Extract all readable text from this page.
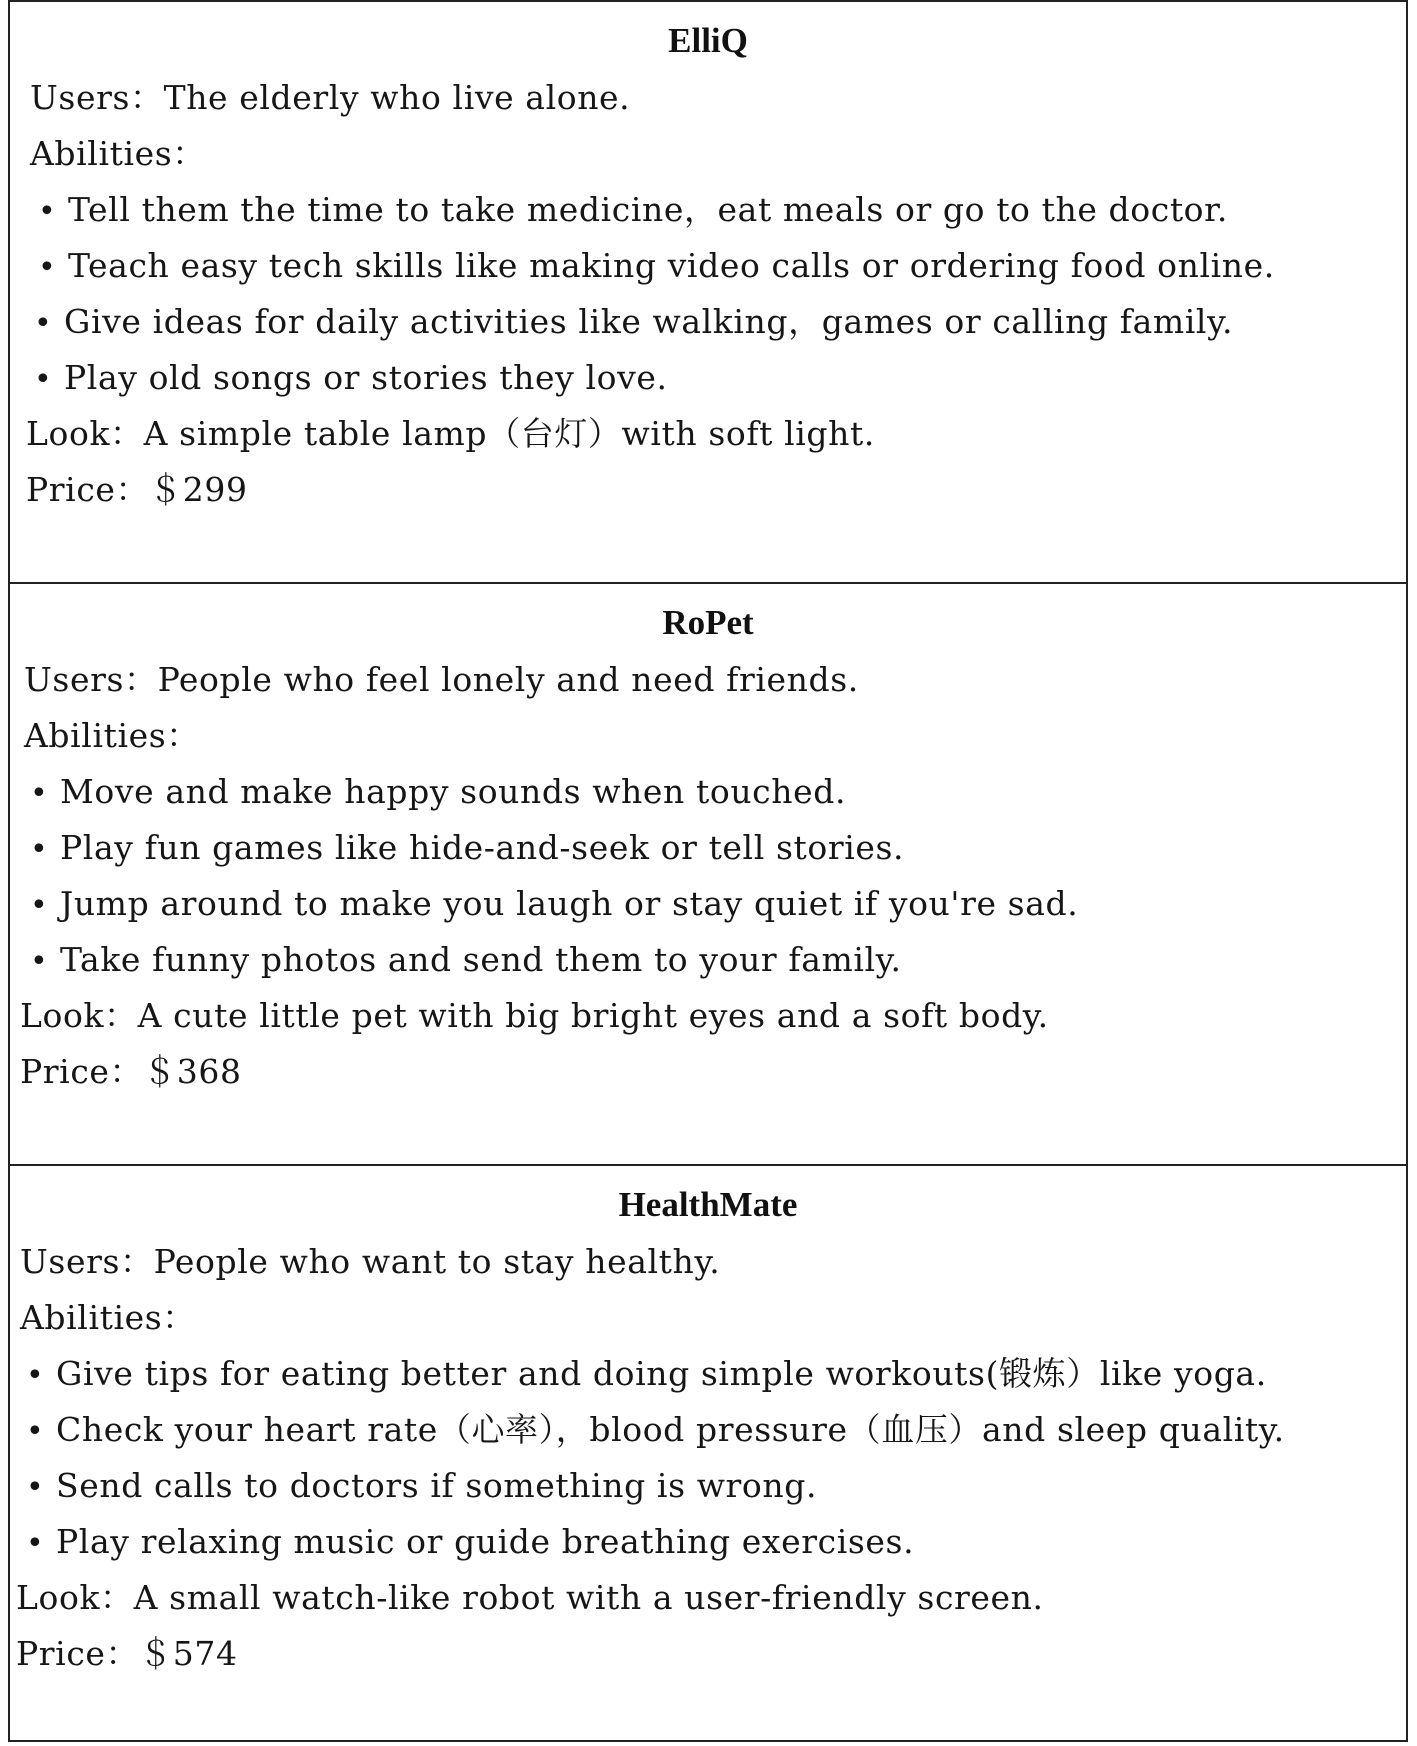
ElliQ
Users：The elderly who live alone.
Abilities：
• Tell them the time to take medicine，eat meals or go to the doctor.
• Teach easy tech skills like making video calls or ordering food online.
• Give ideas for daily activities like walking，games or calling family.
• Play old songs or stories they love.
Look：A simple table lamp（台灯）with soft light.
Price：＄299
RoPet
Users：People who feel lonely and need friends.
Abilities：
• Move and make happy sounds when touched.
• Play fun games like hide-and-seek or tell stories.
• Jump around to make you laugh or stay quiet if you're sad.
• Take funny photos and send them to your family.
Look：A cute little pet with big bright eyes and a soft body.
Price：＄368
HealthMate
Users：People who want to stay healthy.
Abilities：
• Give tips for eating better and doing simple workouts(锻炼）like yoga.
• Check your heart rate（心率），blood pressure（血压）and sleep quality.
• Send calls to doctors if something is wrong.
• Play relaxing music or guide breathing exercises.
Look：A small watch-like robot with a user-friendly screen.
Price：＄574
